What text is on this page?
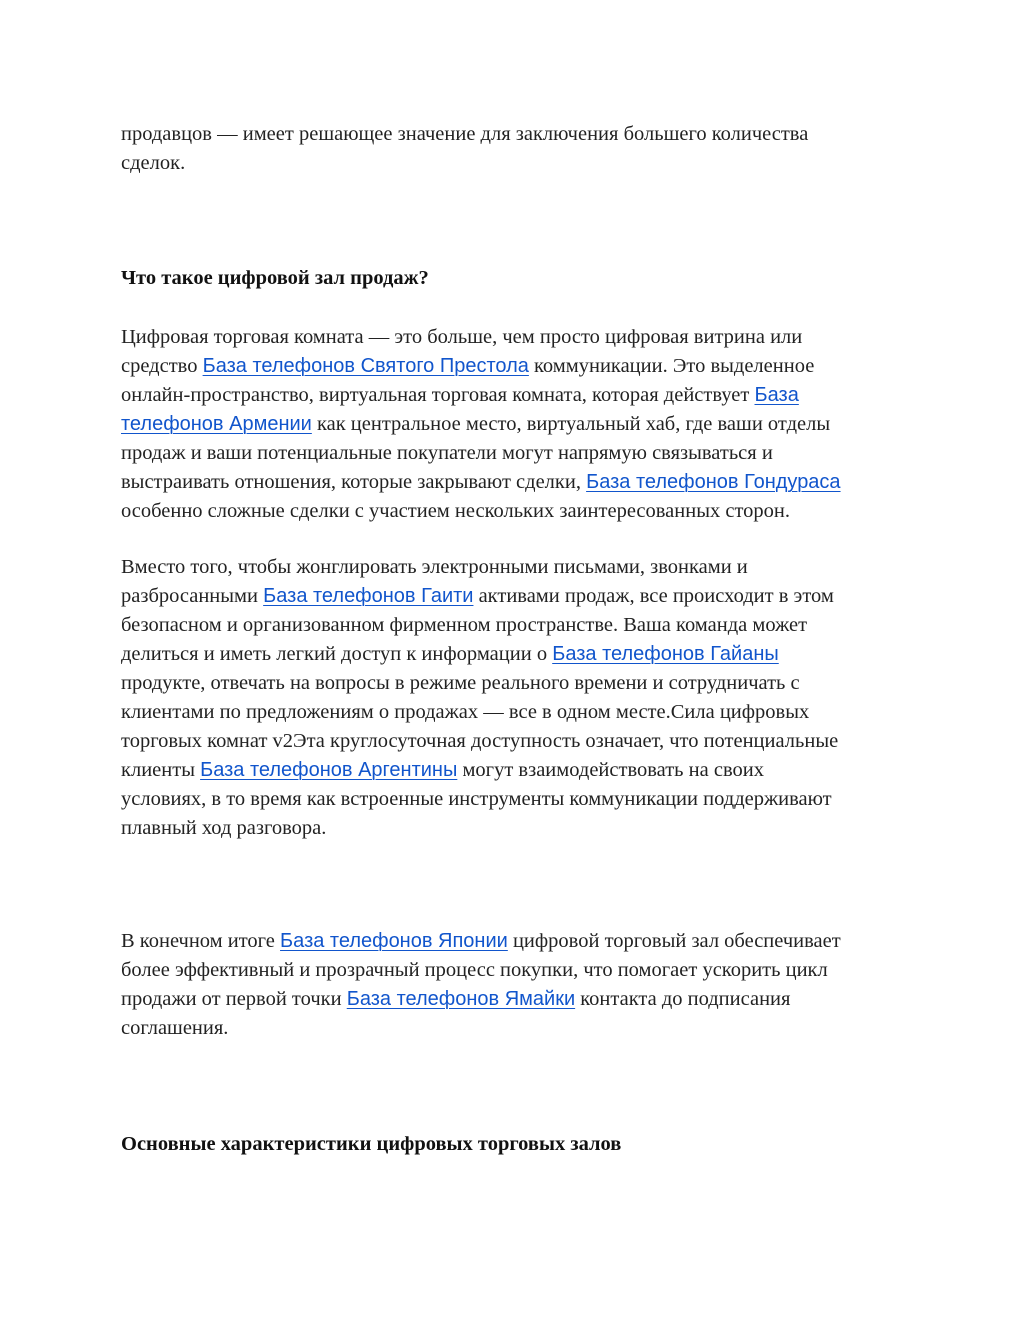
продавцов — имеет решающее значение для заключения большего количества
сделок.
Что такое цифровой зал продаж?
Цифровая торговая комната — это больше, чем просто цифровая витрина или
средство База телефонов Святого Престола коммуникации. Это выделенное
онлайн-пространство, виртуальная торговая комната, которая действует База
телефонов Армении как центральное место, виртуальный хаб, где ваши отделы
продаж и ваши потенциальные покупатели могут напрямую связываться и
выстраивать отношения, которые закрывают сделки, База телефонов Гондураса
особенно сложные сделки с участием нескольких заинтересованных сторон.
Вместо того, чтобы жонглировать электронными письмами, звонками и
разбросанными База телефонов Гаити активами продаж, все происходит в этом
безопасном и организованном фирменном пространстве. Ваша команда может
делиться и иметь легкий доступ к информации о База телефонов Гайаны
продукте, отвечать на вопросы в режиме реального времени и сотрудничать с
клиентами по предложениям о продажах — все в одном месте.Сила цифровых
торговых комнат v2Эта круглосуточная доступность означает, что потенциальные
клиенты База телефонов Аргентины могут взаимодействовать на своих
условиях, в то время как встроенные инструменты коммуникации поддерживают
плавный ход разговора.
В конечном итоге База телефонов Японии цифровой торговый зал обеспечивает
более эффективный и прозрачный процесс покупки, что помогает ускорить цикл
продажи от первой точки База телефонов Ямайки контакта до подписания
соглашения.
Основные характеристики цифровых торговых залов
